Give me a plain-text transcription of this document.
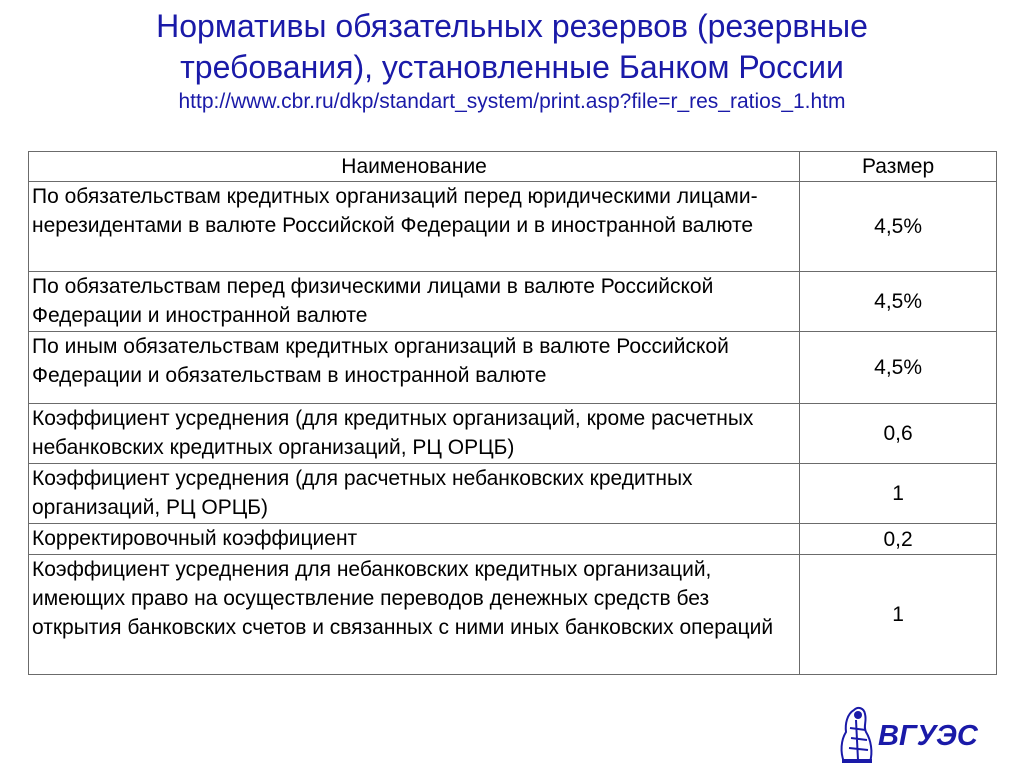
Нормативы обязательных резервов (резервные
требования), установленные Банком России
http://www.cbr.ru/dkp/standart_system/print.asp?file=r_res_ratios_1.htm
Наименование	Размер
По обязательствам кредитных организаций перед юридическими лицами-нерезидентами в валюте Российской Федерации и в иностранной валюте	4,5%
По обязательствам перед физическими лицами в валюте Российской Федерации и иностранной валюте	4,5%
По иным обязательствам кредитных организаций в валюте Российской Федерации и обязательствам в иностранной валюте	4,5%
Коэффициент усреднения (для кредитных организаций, кроме расчетных небанковских кредитных организаций, РЦ ОРЦБ)	0,6
Коэффициент усреднения (для расчетных небанковских кредитных организаций, РЦ ОРЦБ)	1
Корректировочный коэффициент	0,2
Коэффициент усреднения для небанковских кредитных организаций, имеющих право на осуществление переводов денежных средств без открытия банковских счетов и связанных с ними иных банковских операций	1
ВГУЭС
